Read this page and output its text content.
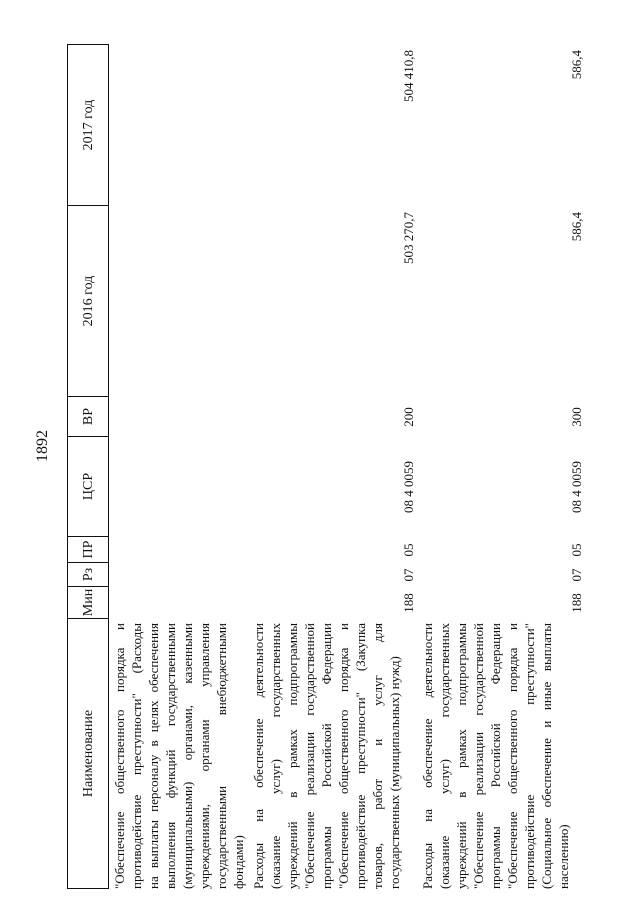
1892
Наименование
Мин
Рз
ПР
ЦСР
ВР
2016 год
2017 год
"Обеспечение общественного порядка и противодействие преступности" (Расходы на выплаты персоналу в целях обеспечения выполнения функций государственными (муниципальными) органами, казенными учреждениями, органами управления государственными внебюджетными фондами) Расходы на обеспечение деятельности (оказание услуг) государственных учреждений в рамках подпрограммы "Обеспечение реализации государственной программы Российской Федерации "Обеспечение общественного порядка и противодействие преступности" (Закупка товаров, работ и услуг для государственных (муниципальных) нужд)
188
07
05
08 4 0059
200
503 270,7
504 410,8
Расходы на обеспечение деятельности (оказание услуг) государственных учреждений в рамках подпрограммы "Обеспечение реализации государственной программы Российской Федерации "Обеспечение общественного порядка и противодействие преступности" (Социальное обеспечение и иные выплаты населению)
188
07
05
08 4 0059
300
586,4
586,4
